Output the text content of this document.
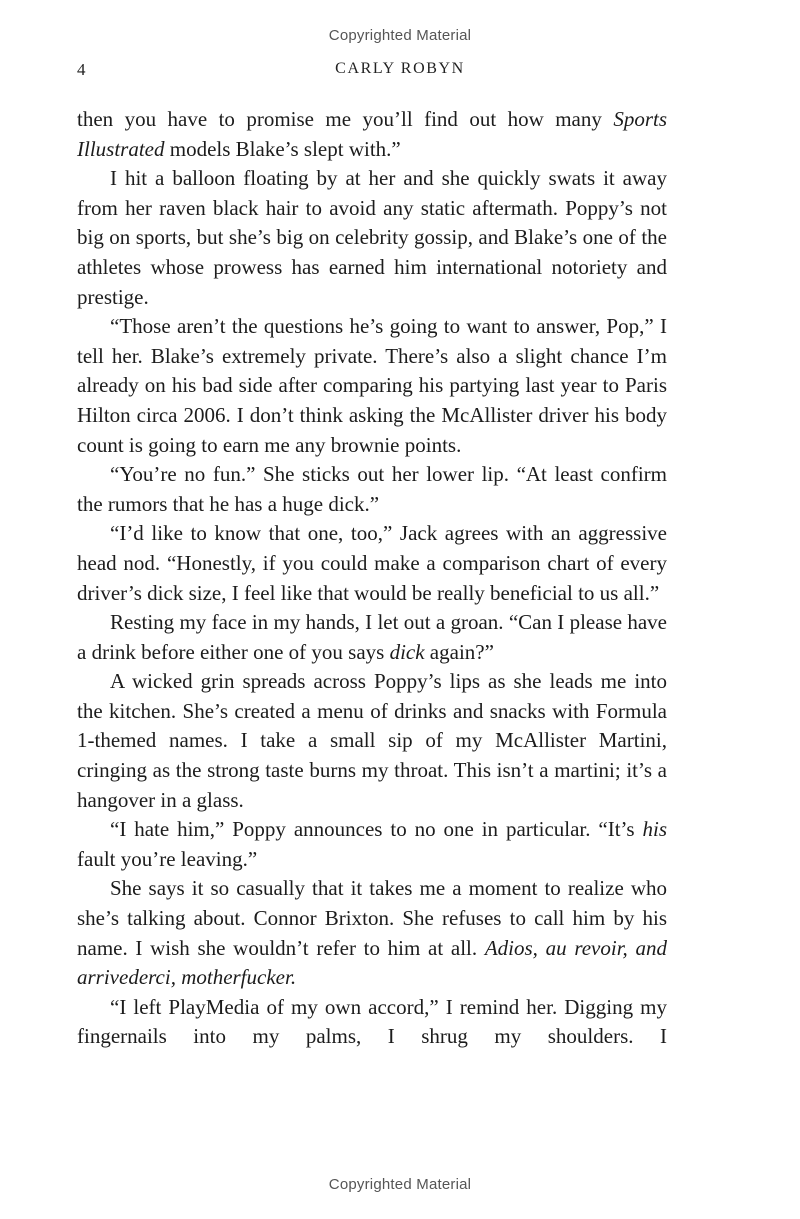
Copyrighted Material
4	CARLY ROBYN

then you have to promise me you’ll find out how many Sports Illustrated models Blake’s slept with.”

I hit a balloon floating by at her and she quickly swats it away from her raven black hair to avoid any static aftermath. Poppy’s not big on sports, but she’s big on celebrity gossip, and Blake’s one of the athletes whose prowess has earned him international notoriety and prestige.

“Those aren’t the questions he’s going to want to answer, Pop,” I tell her. Blake’s extremely private. There’s also a slight chance I’m already on his bad side after comparing his partying last year to Paris Hilton circa 2006. I don’t think asking the McAllister driver his body count is going to earn me any brownie points.

“You’re no fun.” She sticks out her lower lip. “At least confirm the rumors that he has a huge dick.”

“I’d like to know that one, too,” Jack agrees with an aggressive head nod. “Honestly, if you could make a comparison chart of every driver’s dick size, I feel like that would be really beneficial to us all.”

Resting my face in my hands, I let out a groan. “Can I please have a drink before either one of you says dick again?”

A wicked grin spreads across Poppy’s lips as she leads me into the kitchen. She’s created a menu of drinks and snacks with Formula 1-themed names. I take a small sip of my McAllister Martini, cringing as the strong taste burns my throat. This isn’t a martini; it’s a hangover in a glass.

“I hate him,” Poppy announces to no one in particular. “It’s his fault you’re leaving.”

She says it so casually that it takes me a moment to realize who she’s talking about. Connor Brixton. She refuses to call him by his name. I wish she wouldn’t refer to him at all. Adios, au revoir, and arrivederci, motherfucker.

“I left PlayMedia of my own accord,” I remind her. Digging my fingernails into my palms, I shrug my shoulders. I

Copyrighted Material
